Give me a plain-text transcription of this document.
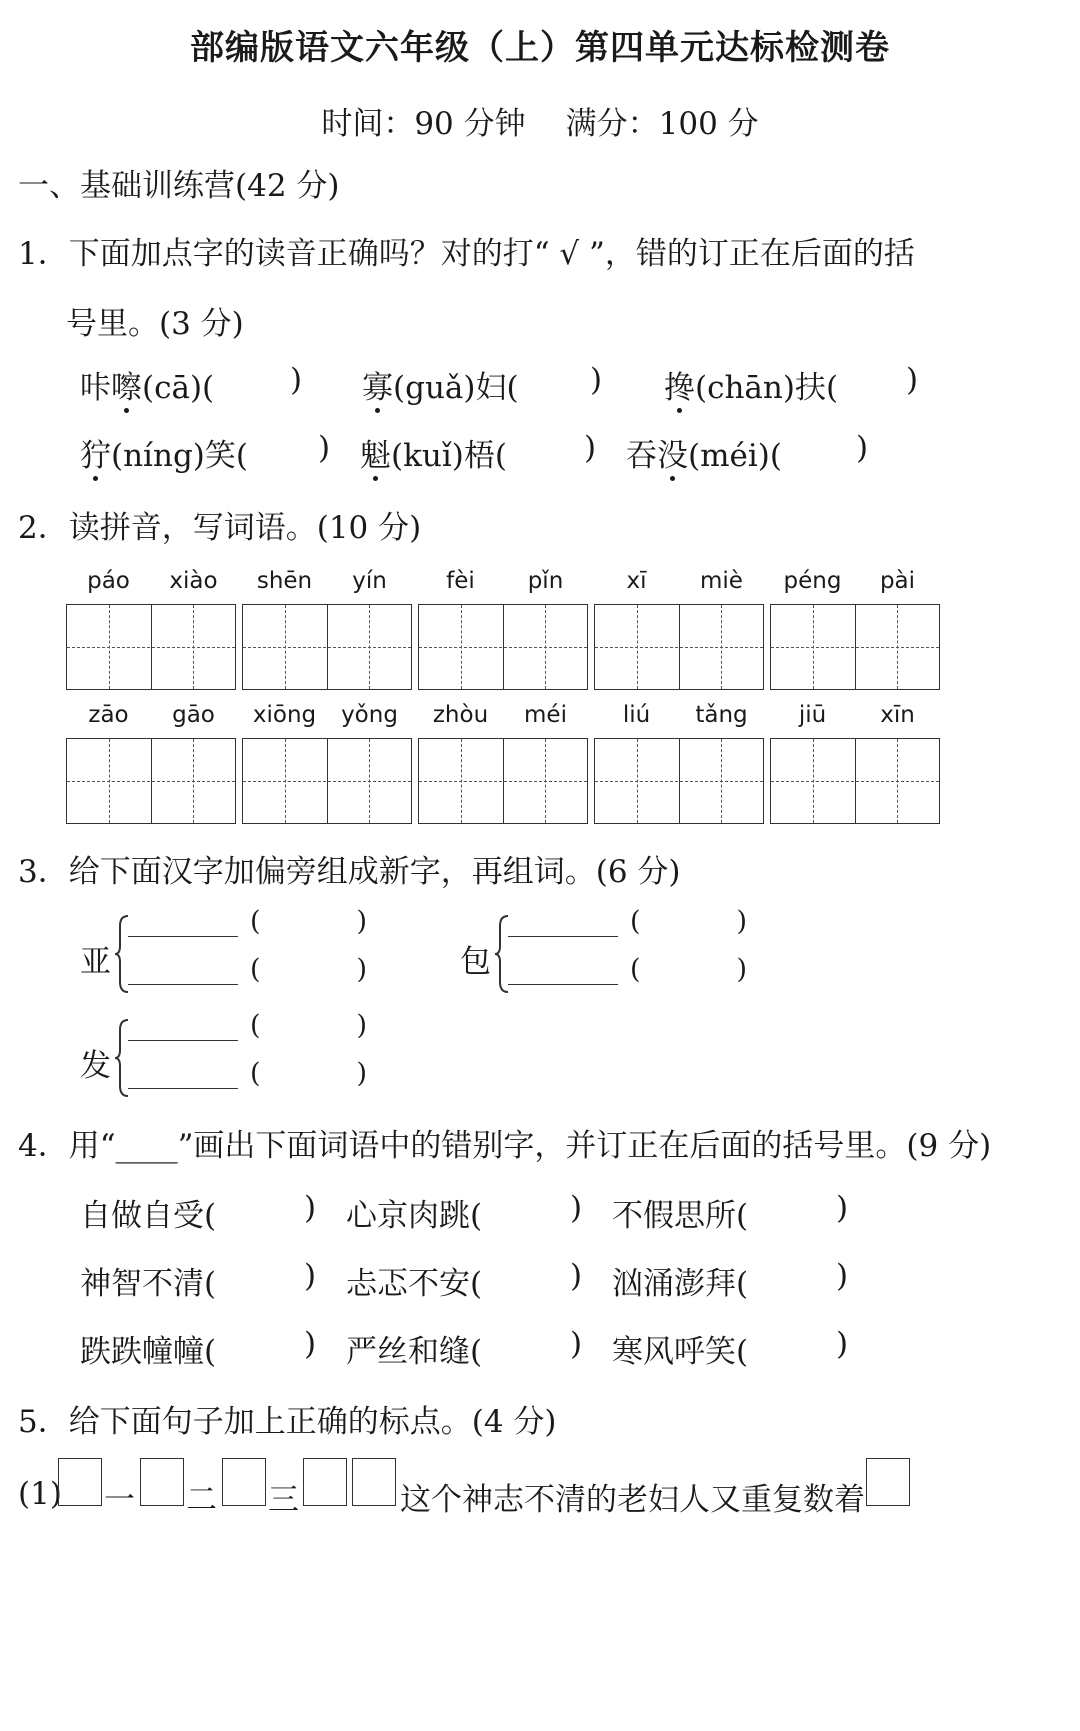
部编版语文六年级（上）第四单元达标检测卷
时间：90 分钟 满分：100 分
一、基础训练营(42 分)
1．下面加点字的读音正确吗？对的打“ √ ”，错的订正在后面的括
号里。(3 分)
咔嚓(cā)( ) 寡(guǎ)妇( ) 搀(chān)扶( )
狞(níng)笑( ) 魁(kuǐ)梧( ) 吞没(méi)( )
2．读拼音，写词语。(10 分)
páo	xiào	shēn	yín	fèi	pǐn	xī	miè	péng	pài
zāo	gāo	xiōng	yǒng	zhòu	méi	liú	tǎng	jiū	xīn
3．给下面汉字加偏旁组成新字，再组词。(6 分)
亚
(	)
(	)	包
(	)
(	)
发
(	)
(	)
4．用“____”画出下面词语中的错别字，并订正在后面的括号里。(9 分)
自做自受(	) 心京肉跳(	) 不假思所(	)
神智不清(	) 忐忑不安(	) 汹涌澎拜(	)
跌跌幢幢(	) 严丝和缝(	) 寒风呼笑(	)
5．给下面句子加上正确的标点。(4 分)
(1) 一 二 三	这个神志不清的老妇人又重复数着
